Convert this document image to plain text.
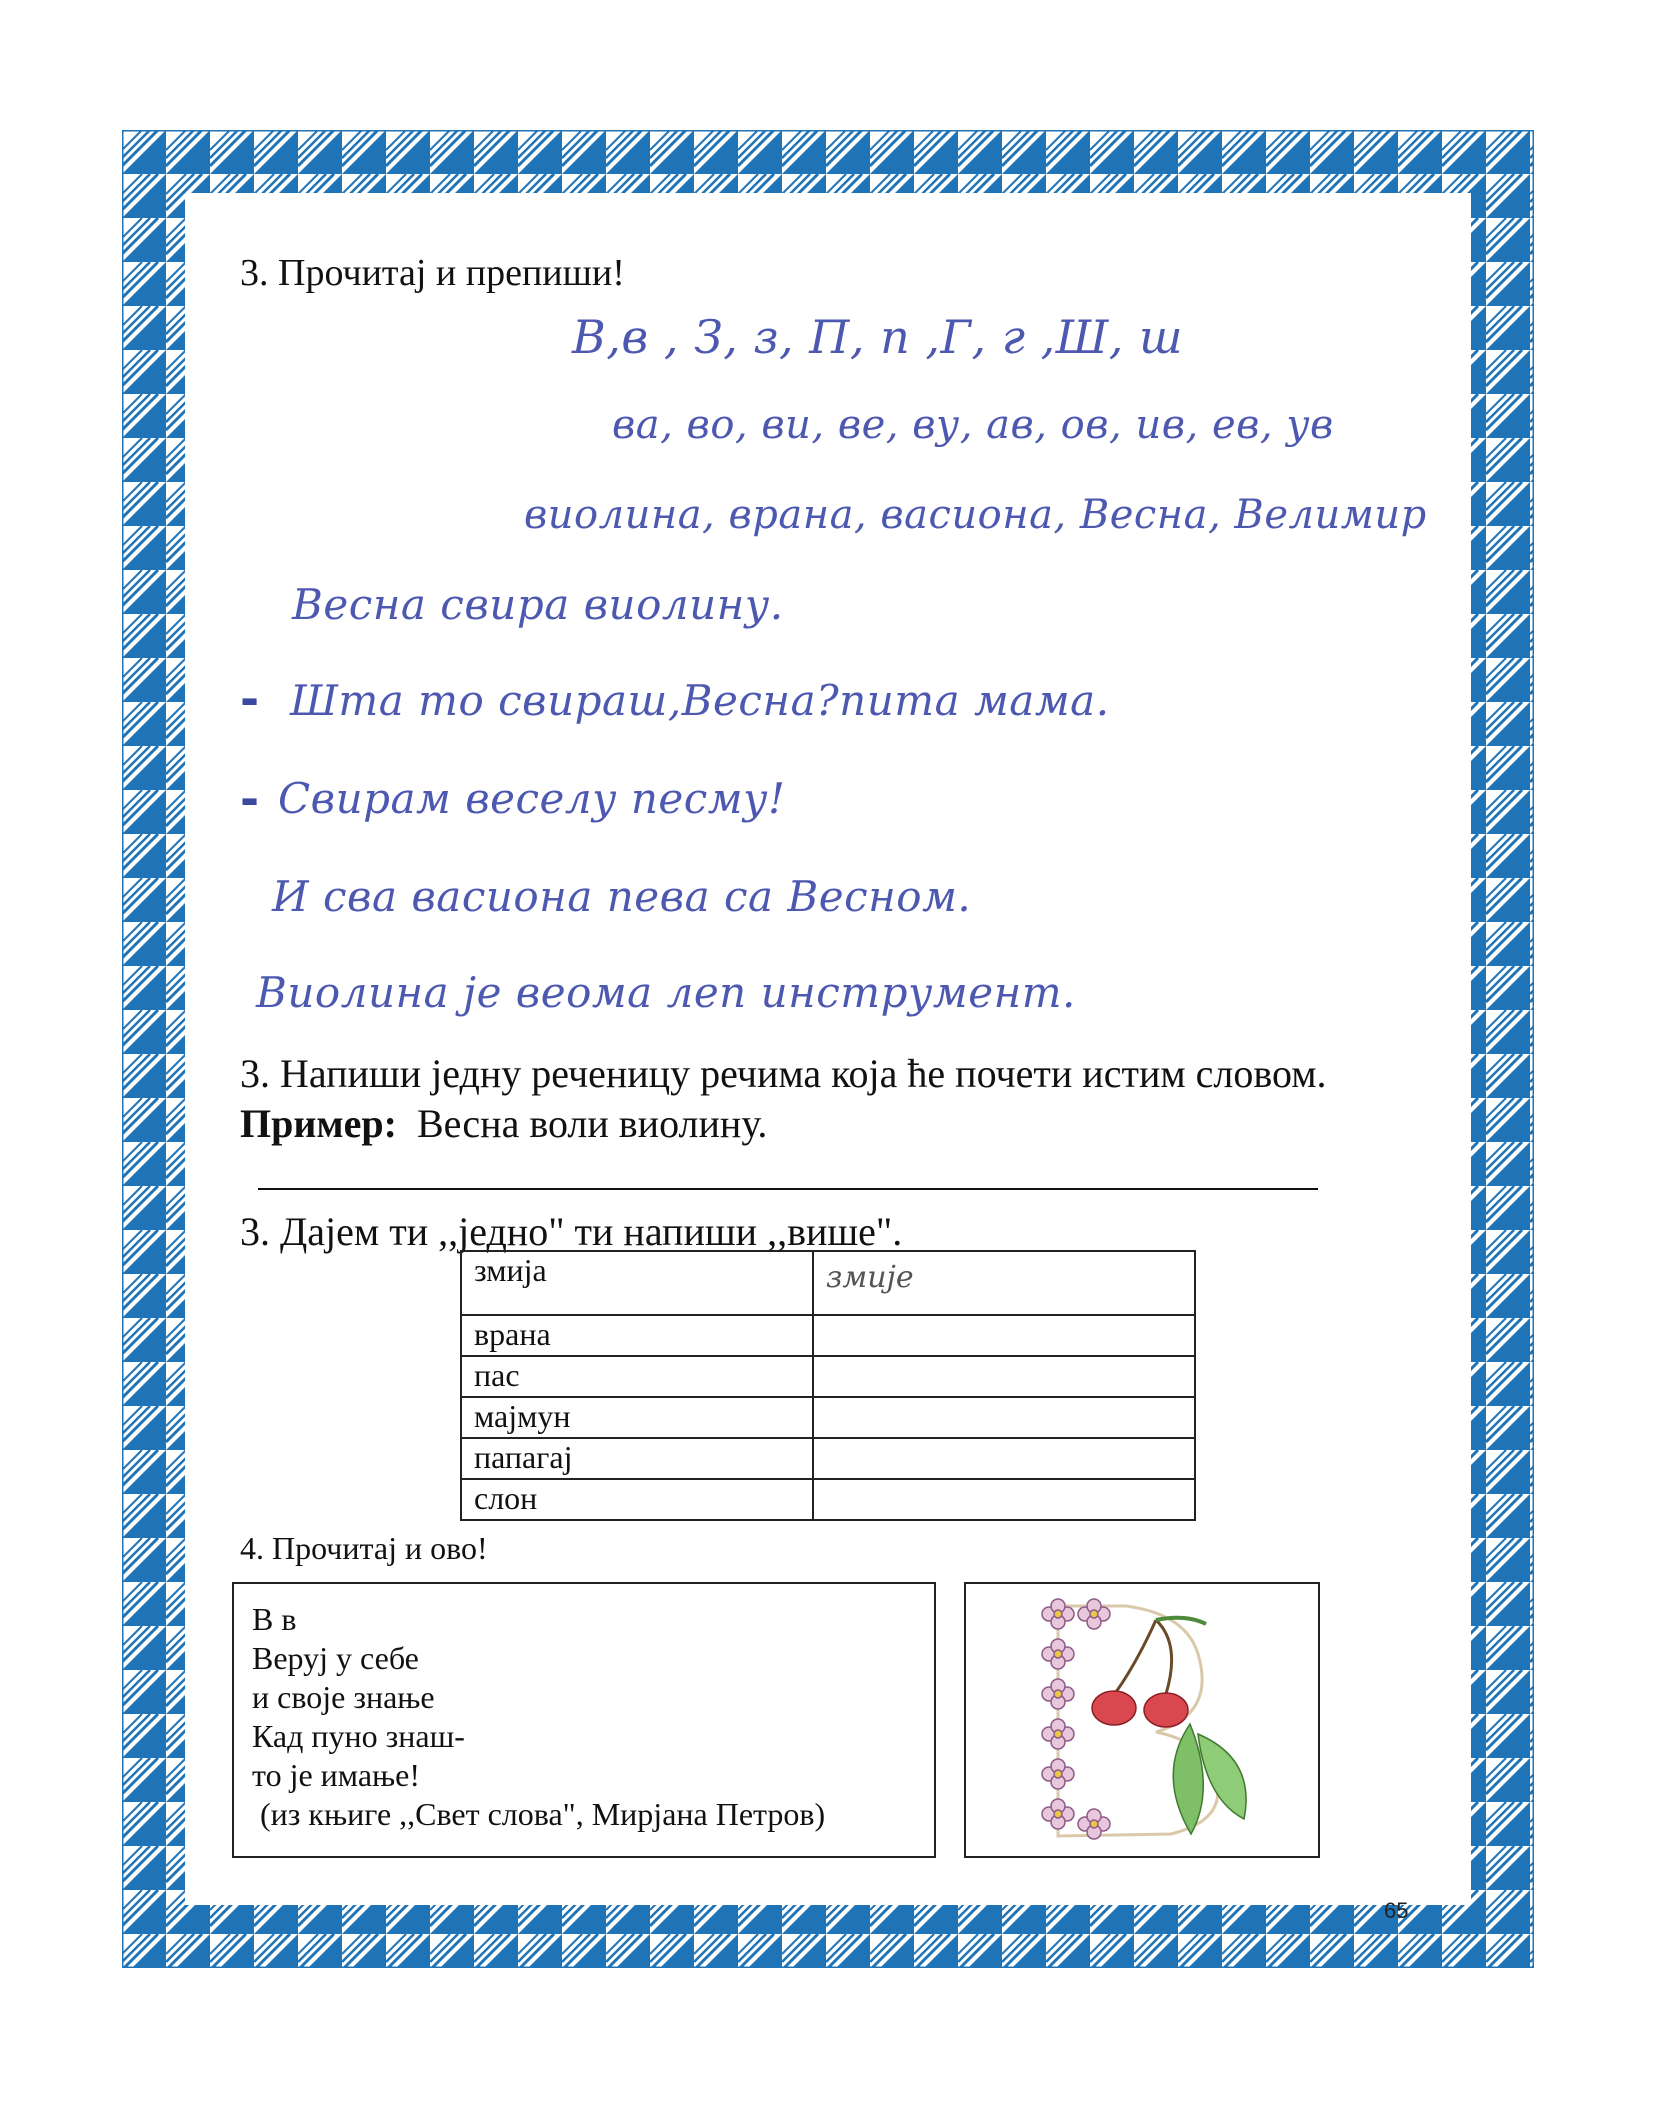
3. Прочитај и препиши!
В,в , З, з, П, п ,Г, г ,Ш, ш
ва, во, ви, ве, ву, ав, ов, ив, ев, ув
виолина, врана, васиона, Весна, Велимир
Весна свира виолину.
- Шта то свираш,Весна?пита мама.
- Свирам веселу песму!
И сва васиона пева са Весном.
Виолина је веома леп инструмент.
3. Напиши једну реченицу речима која ће почети истим словом.
Пример: Весна воли виолину.
3. Дајем ти ,,једно" ти напиши ,,више".
змија	змије
врана	
пас	
мајмун	
папагај	
слон	
4. Прочитај и ово!
В в
Веруј у себе
и своје знање
Кад пуно знаш-
то је имање!
(из књиге ,,Свет слова", Мирјана Петров)
65
